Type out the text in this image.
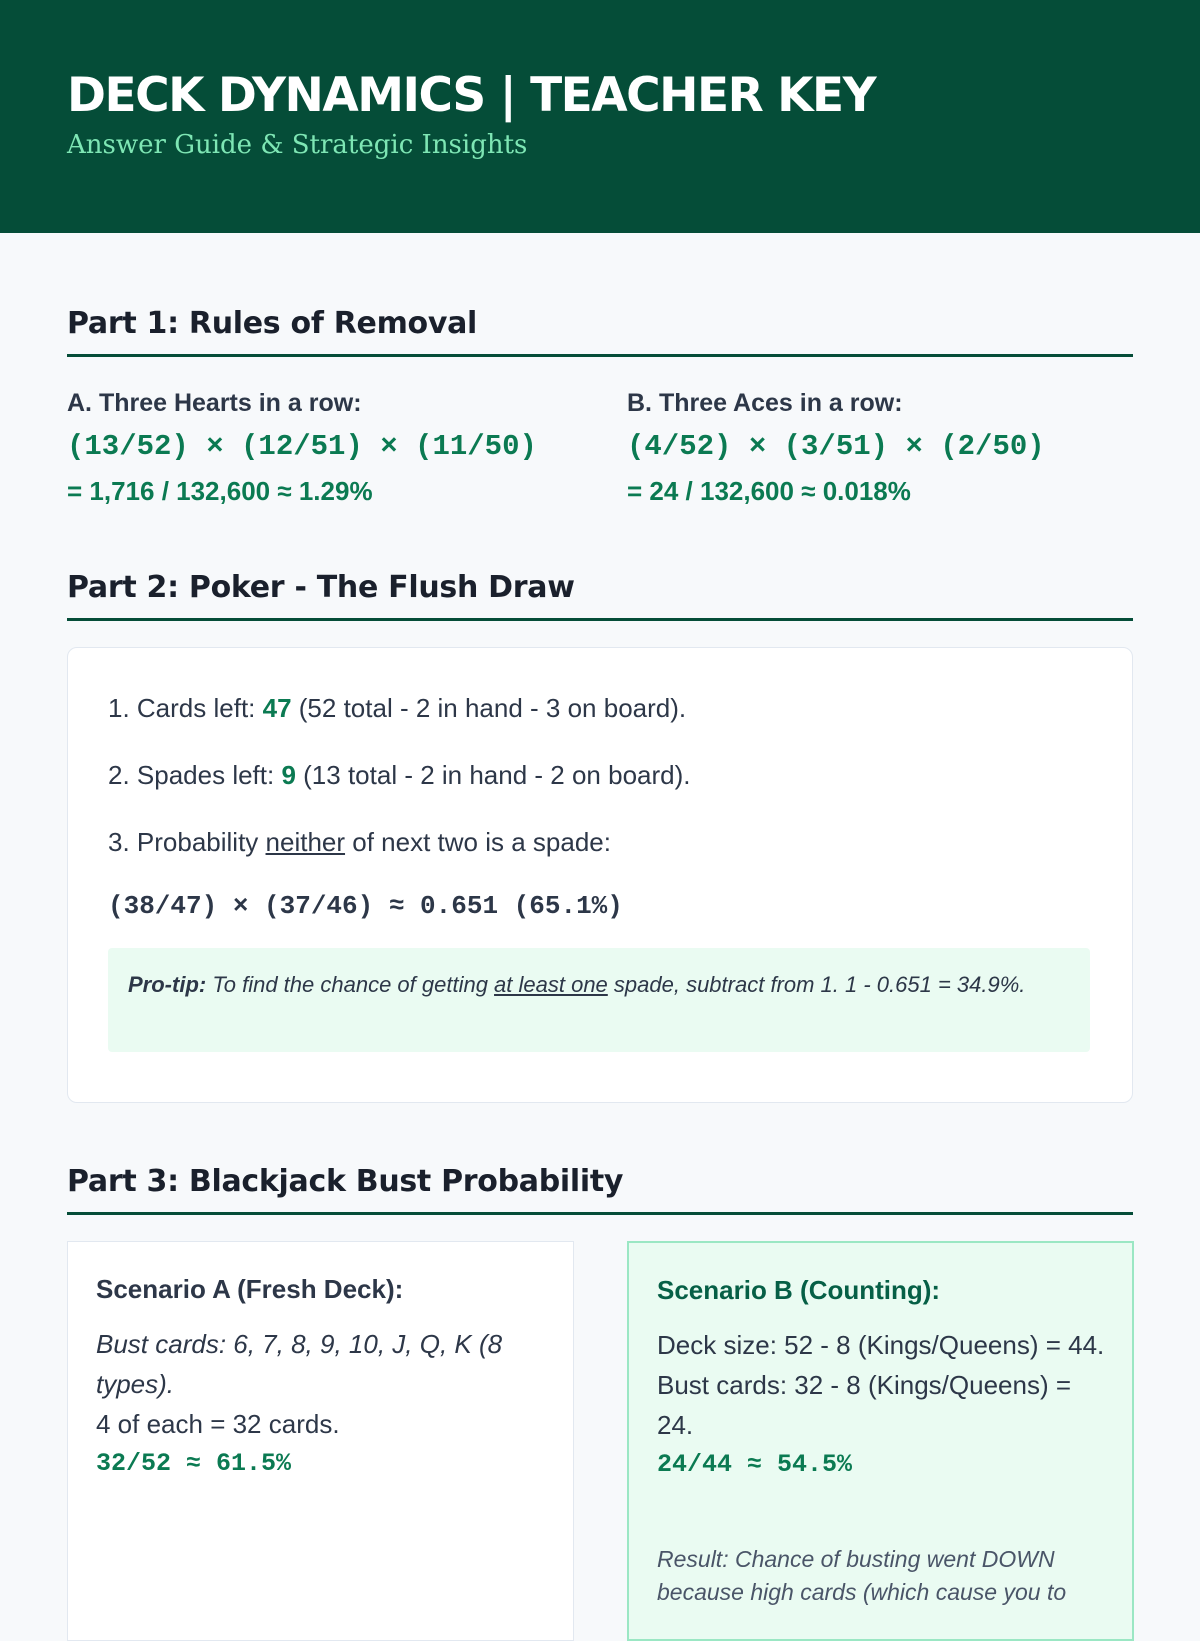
DECK DYNAMICS | TEACHER KEY
Answer Guide & Strategic Insights
Part 1: Rules of Removal
A. Three Hearts in a row:
(13/52) × (12/51) × (11/50)
= 1,716 / 132,600 ≈ 1.29%
B. Three Aces in a row:
(4/52) × (3/51) × (2/50)
= 24 / 132,600 ≈ 0.018%
Part 2: Poker - The Flush Draw
1. Cards left: 47 (52 total - 2 in hand - 3 on board).
2. Spades left: 9 (13 total - 2 in hand - 2 on board).
3. Probability neither of next two is a spade:
(38/47) × (37/46) ≈ 0.651 (65.1%)
Pro-tip: To find the chance of getting at least one spade, subtract from 1. 1 - 0.651 = 34.9%.
Part 3: Blackjack Bust Probability
Scenario A (Fresh Deck):
Bust cards: 6, 7, 8, 9, 10, J, Q, K (8 types).
4 of each = 32 cards.
32/52 ≈ 61.5%
Scenario B (Counting):
Deck size: 52 - 8 (Kings/Queens) = 44.
Bust cards: 32 - 8 (Kings/Queens) = 24.
24/44 ≈ 54.5%
Result: Chance of busting went DOWN because high cards (which cause you to
